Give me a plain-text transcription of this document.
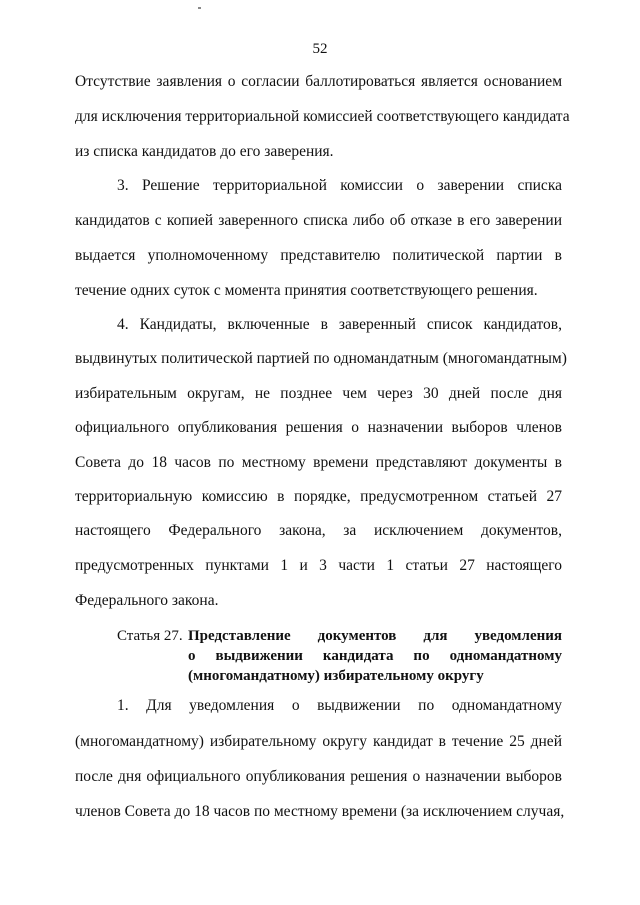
52
Отсутствие заявления о согласии баллотироваться является основанием
для исключения территориальной комиссией соответствующего кандидата
из списка кандидатов до его заверения.
3. Решение территориальной комиссии о заверении списка
кандидатов с копией заверенного списка либо об отказе в его заверении
выдается уполномоченному представителю политической партии в
течение одних суток с момента принятия соответствующего решения.
4. Кандидаты, включенные в заверенный список кандидатов,
выдвинутых политической партией по одномандатным (многомандатным)
избирательным округам, не позднее чем через 30 дней после дня
официального опубликования решения о назначении выборов членов
Совета до 18 часов по местному времени представляют документы в
территориальную комиссию в порядке, предусмотренном статьей 27
настоящего Федерального закона, за исключением документов,
предусмотренных пунктами 1 и 3 части 1 статьи 27 настоящего
Федерального закона.
Статья 27. Представление документов для уведомления
о выдвижении кандидата по одномандатному
(многомандатному) избирательному округу
1. Для уведомления о выдвижении по одномандатному
(многомандатному) избирательному округу кандидат в течение 25 дней
после дня официального опубликования решения о назначении выборов
членов Совета до 18 часов по местному времени (за исключением случая,
